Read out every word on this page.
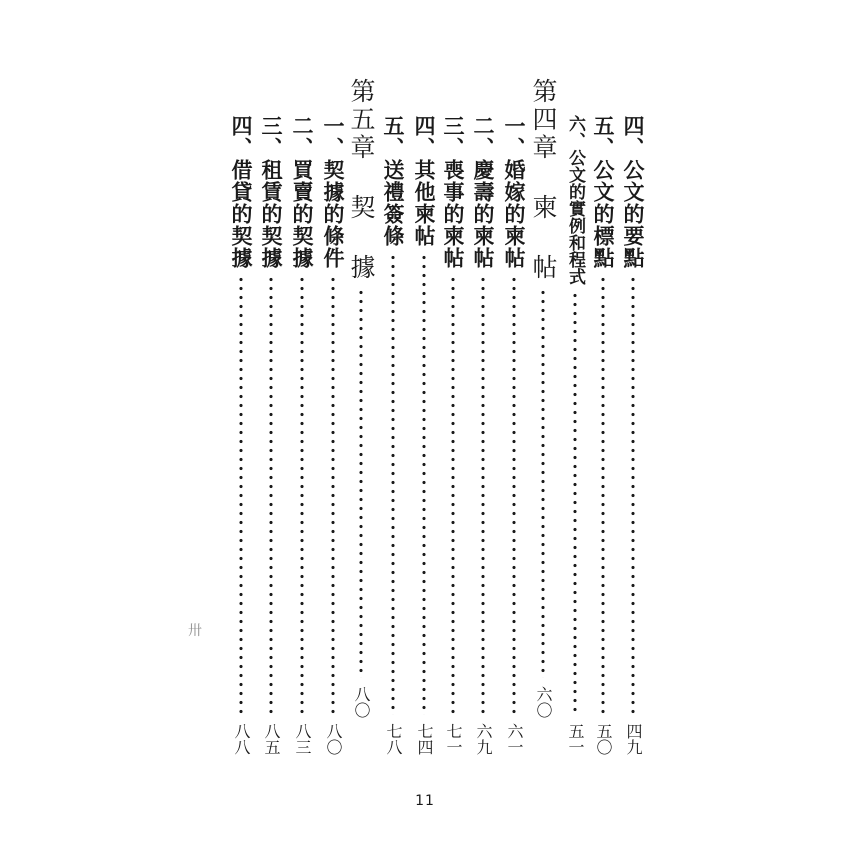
四、公文的要點
四九
五、公文的標點
五〇
六、公文的實例和程式
五一
第四章 柬 帖
六〇
一、婚嫁的柬帖
六一
二、慶壽的柬帖
六九
三、喪事的柬帖
七一
四、其他柬帖
七四
五、送禮簽條
七八
第五章 契 據
八〇
一、契據的條件
八〇
二、買賣的契據
八三
三、租賃的契據
八五
四、借貸的契據
八八
卅
11
